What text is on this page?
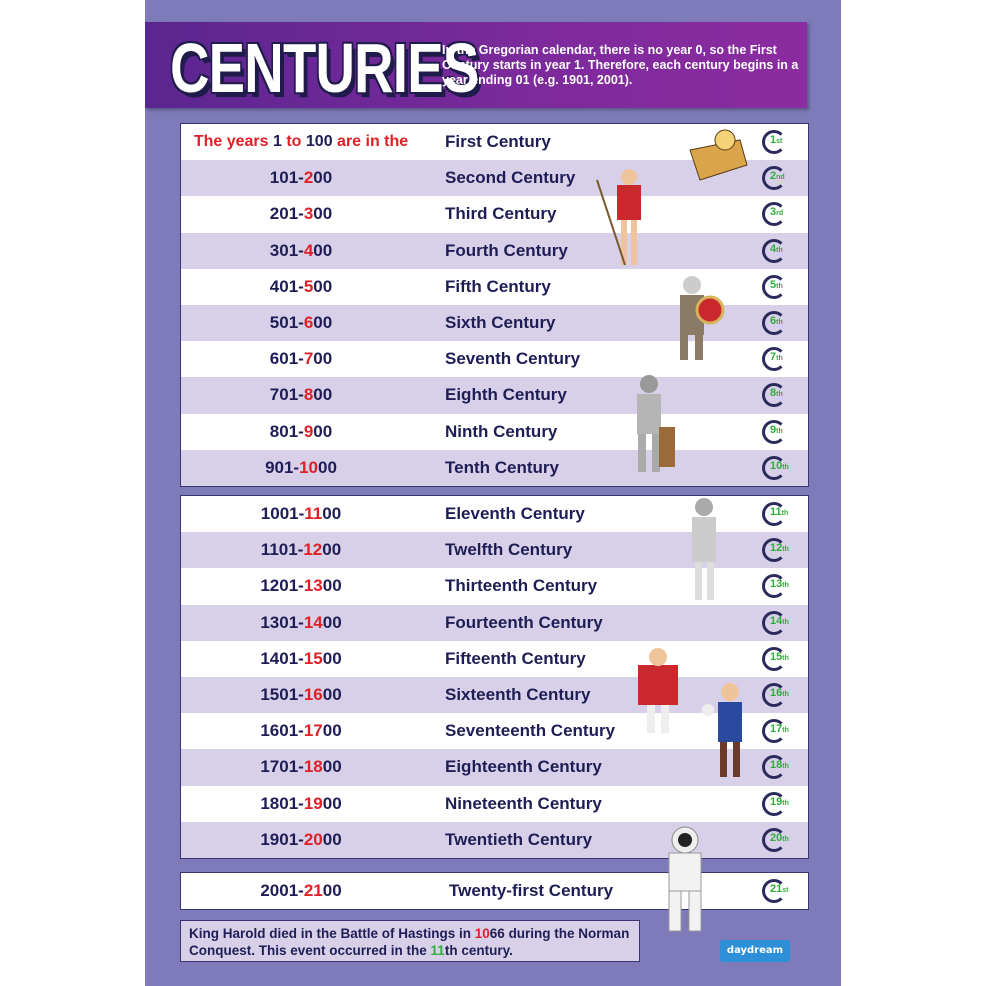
CENTURIES
In the Gregorian calendar, there is no year 0, so the First Century starts in year 1. Therefore, each century begins in a year ending 01 (e.g. 1901, 2001).
The years 1 to 100 are in the	First Century	1st
101-200	Second Century	2nd
201-300	Third Century	3rd
301-400	Fourth Century	4th
401-500	Fifth Century	5th
501-600	Sixth Century	6th
601-700	Seventh Century	7th
701-800	Eighth Century	8th
801-900	Ninth Century	9th
901-1000	Tenth Century	10th
1001-1100	Eleventh Century	11th
1101-1200	Twelfth Century	12th
1201-1300	Thirteenth Century	13th
1301-1400	Fourteenth Century	14th
1401-1500	Fifteenth Century	15th
1501-1600	Sixteenth Century	16th
1601-1700	Seventeenth Century	17th
1701-1800	Eighteenth Century	18th
1801-1900	Nineteenth Century	19th
1901-2000	Twentieth Century	20th
2001-2100	Twenty-first Century	21st
King Harold died in the Battle of Hastings in 1066 during the Norman Conquest. This event occurred in the 11th century.	daydream
